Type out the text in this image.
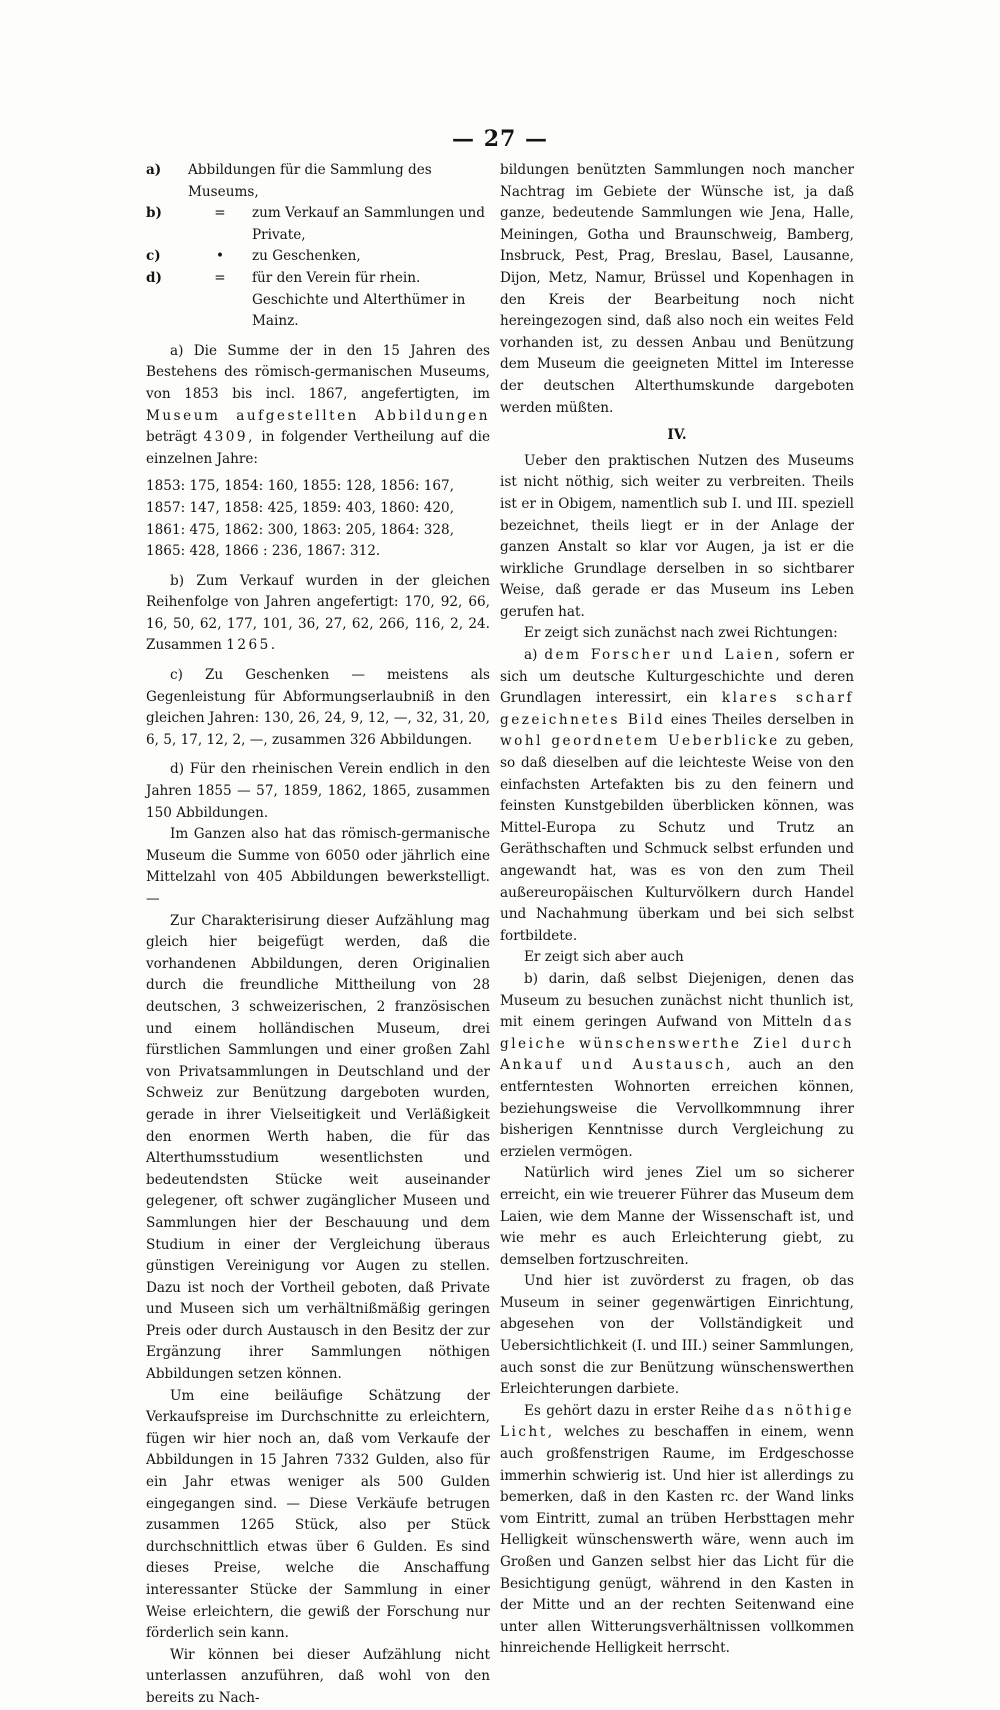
— 27 —
a)	Abbildungen für die Sammlung des Museums,
b)	=	zum Verkauf an Sammlungen und Private,
c)	•	zu Geschenken,
d)	=	für den Verein für rhein. Geschichte und Alterthümer in Mainz.

a) Die Summe der in den 15 Jahren des Bestehens des römisch-germanischen Museums, von 1853 bis incl. 1867, angefertigten, im Museum aufgestellten Abbildungen beträgt 4309, in folgender Vertheilung auf die einzelnen Jahre:

1853: 175, 1854: 160, 1855: 128, 1856: 167,

1857: 147, 1858: 425, 1859: 403, 1860: 420,

1861: 475, 1862: 300, 1863: 205, 1864: 328,

1865: 428, 1866 : 236, 1867: 312.

b) Zum Verkauf wurden in der gleichen Reihenfolge von Jahren angefertigt: 170, 92, 66, 16, 50, 62, 177, 101, 36, 27, 62, 266, 116, 2, 24. Zusammen 1265.

c) Zu Geschenken — meistens als Gegenleistung für Abformungserlaubniß in den gleichen Jahren: 130, 26, 24, 9, 12, —, 32, 31, 20, 6, 5, 17, 12, 2, —, zusammen 326 Abbildungen.

d) Für den rheinischen Verein endlich in den Jahren 1855 — 57, 1859, 1862, 1865, zusammen 150 Abbildungen.

Im Ganzen also hat das römisch-germanische Museum die Summe von 6050 oder jährlich eine Mittelzahl von 405 Abbildungen bewerkstelligt. —

Zur Charakterisirung dieser Aufzählung mag gleich hier beigefügt werden, daß die vorhandenen Abbildungen, deren Originalien durch die freundliche Mittheilung von 28 deutschen, 3 schweizerischen, 2 französischen und einem holländischen Museum, drei fürstlichen Sammlungen und einer großen Zahl von Privatsammlungen in Deutschland und der Schweiz zur Benützung dargeboten wurden, gerade in ihrer Vielseitigkeit und Verläßigkeit den enormen Werth haben, die für das Alterthumsstudium wesentlichsten und bedeutendsten Stücke weit auseinander gelegener, oft schwer zugänglicher Museen und Sammlungen hier der Beschauung und dem Studium in einer der Vergleichung überaus günstigen Vereinigung vor Augen zu stellen. Dazu ist noch der Vortheil geboten, daß Private und Museen sich um verhältnißmäßig geringen Preis oder durch Austausch in den Besitz der zur Ergänzung ihrer Sammlungen nöthigen Abbildungen setzen können.

Um eine beiläufige Schätzung der Verkaufspreise im Durchschnitte zu erleichtern, fügen wir hier noch an, daß vom Verkaufe der Abbildungen in 15 Jahren 7332 Gulden, also für ein Jahr etwas weniger als 500 Gulden eingegangen sind. — Diese Verkäufe betrugen zusammen 1265 Stück, also per Stück durchschnittlich etwas über 6 Gulden. Es sind dieses Preise, welche die Anschaffung interessanter Stücke der Sammlung in einer Weise erleichtern, die gewiß der Forschung nur förderlich sein kann.

Wir können bei dieser Aufzählung nicht unterlassen anzuführen, daß wohl von den bereits zu Nach-

bildungen benützten Sammlungen noch mancher Nachtrag im Gebiete der Wünsche ist, ja daß ganze, bedeutende Sammlungen wie Jena, Halle, Meiningen, Gotha und Braunschweig, Bamberg, Insbruck, Pest, Prag, Breslau, Basel, Lausanne, Dijon, Metz, Namur, Brüssel und Kopenhagen in den Kreis der Bearbeitung noch nicht hereingezogen sind, daß also noch ein weites Feld vorhanden ist, zu dessen Anbau und Benützung dem Museum die geeigneten Mittel im Interesse der deutschen Alterthumskunde dargeboten werden müßten.

IV.

Ueber den praktischen Nutzen des Museums ist nicht nöthig, sich weiter zu verbreiten. Theils ist er in Obigem, namentlich sub I. und III. speziell bezeichnet, theils liegt er in der Anlage der ganzen Anstalt so klar vor Augen, ja ist er die wirkliche Grundlage derselben in so sichtbarer Weise, daß gerade er das Museum ins Leben gerufen hat.

Er zeigt sich zunächst nach zwei Richtungen:

a) dem Forscher und Laien, sofern er sich um deutsche Kulturgeschichte und deren Grundlagen interessirt, ein klares scharf gezeichnetes Bild eines Theiles derselben in wohl geordnetem Ueberblicke zu geben, so daß dieselben auf die leichteste Weise von den einfachsten Artefakten bis zu den feinern und feinsten Kunstgebilden überblicken können, was Mittel-Europa zu Schutz und Trutz an Geräthschaften und Schmuck selbst erfunden und angewandt hat, was es von den zum Theil außereuropäischen Kulturvölkern durch Handel und Nachahmung überkam und bei sich selbst fortbildete.

Er zeigt sich aber auch

b) darin, daß selbst Diejenigen, denen das Museum zu besuchen zunächst nicht thunlich ist, mit einem geringen Aufwand von Mitteln das gleiche wünschenswerthe Ziel durch Ankauf und Austausch, auch an den entferntesten Wohnorten erreichen können, beziehungsweise die Vervollkommnung ihrer bisherigen Kenntnisse durch Vergleichung zu erzielen vermögen.

Natürlich wird jenes Ziel um so sicherer erreicht, ein wie treuerer Führer das Museum dem Laien, wie dem Manne der Wissenschaft ist, und wie mehr es auch Erleichterung giebt, zu demselben fortzuschreiten.

Und hier ist zuvörderst zu fragen, ob das Museum in seiner gegenwärtigen Einrichtung, abgesehen von der Vollständigkeit und Uebersichtlichkeit (I. und III.) seiner Sammlungen, auch sonst die zur Benützung wünschenswerthen Erleichterungen darbiete.

Es gehört dazu in erster Reihe das nöthige Licht, welches zu beschaffen in einem, wenn auch großfenstrigen Raume, im Erdgeschosse immerhin schwierig ist. Und hier ist allerdings zu bemerken, daß in den Kasten rc. der Wand links vom Eintritt, zumal an trüben Herbsttagen mehr Helligkeit wünschenswerth wäre, wenn auch im Großen und Ganzen selbst hier das Licht für die Besichtigung genügt, während in den Kasten in der Mitte und an der rechten Seitenwand eine unter allen Witterungsverhältnissen vollkommen hinreichende Helligkeit herrscht.
